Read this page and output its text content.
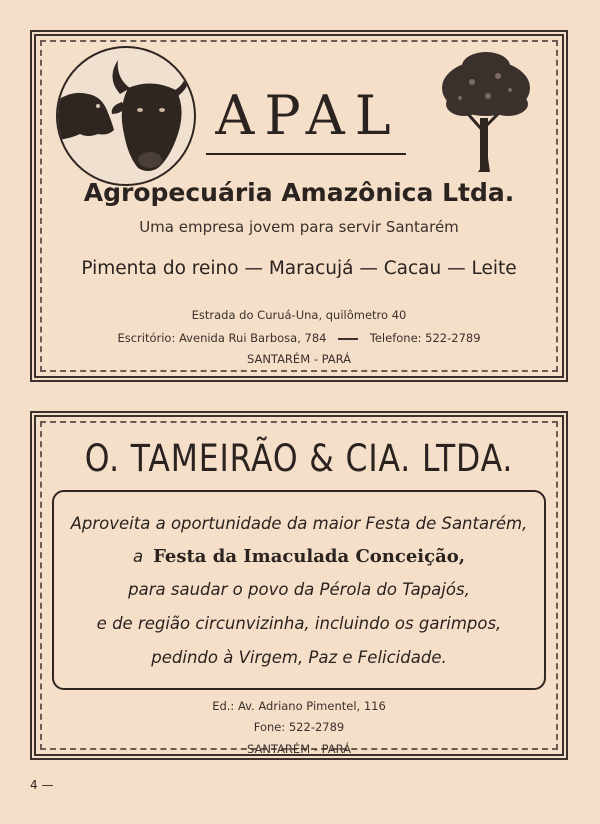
APAL
Agropecuária Amazônica Ltda.
Uma empresa jovem para servir Santarém
Pimenta do reino — Maracujá — Cacau — Leite
Estrada do Curuá-Una, quilômetro 40
Escritório: Avenida Rui Barbosa, 784	Telefone: 522-2789
SANTARÉM - PARÁ
O. TAMEIRÃO & CIA. LTDA.
Aproveita a oportunidade da maior Festa de Santarém,
a Festa da Imaculada Conceição,
para saudar o povo da Pérola do Tapajós,
e de região circunvizinha, incluindo os garimpos,
pedindo à Virgem, Paz e Felicidade.
Ed.: Av. Adriano Pimentel, 116
Fone: 522-2789
SANTARÉM - PARÁ
4 —
